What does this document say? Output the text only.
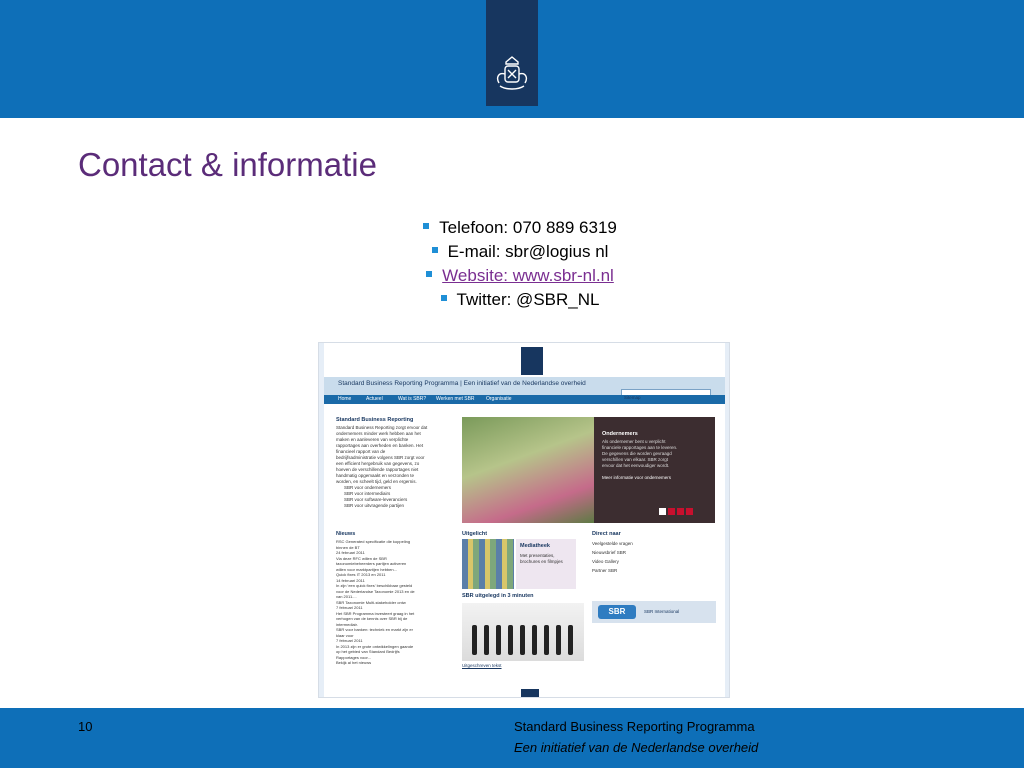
Contact & informatie
Telefoon: 070 889 6319
E-mail: sbr@logius nl
Website: www.sbr-nl.nl
Twitter: @SBR_NL
Standard Business Reporting Programma | Een initiatief van de Nederlandse overheid
Home	Actueel	Wat is SBR? Werken met SBR Organisatie	Sitemap
Standard Business Reporting
Standard Business Reporting zorgt ervoor dat
ondernemers minder werk hebben aan het
maken en aanleveren van verplichte
rapportages aan overheden en banken. Het
financieel rapport van de
bedrijfsadministratie volgens SBR zorgt voor
een efficient hergebruik van gegevens, zo
hoeven de verschillende rapportages niet
handmatig opgemaakt en verzonden te
worden, en scheelt tijd, geld en ergernis.
SBR voor ondernemers
SBR voor intermediairs
SBR voor software-leveranciers
SBR voor uitvragende partijen
Ondernemers
Als ondernemer bent u verplicht
financiele rapportages aan te leveren.
De gegevens die worden gevraagd
verschillen van elkaar. SBR zorgt
ervoor dat het eenvoudiger wordt.
Meer informatie voor ondernemers
Nieuws
RSC Generated specificatie die koppeling
binnen de BT
24 februari 2011
Via deze RFC willen de SBR
taxonomiebeheerders partijen activeren
willen voor marktpartijen hebben...
Quick fixes IT 2013 en 2011
14 februari 2011
In zijn 'een quick fixes' beschikbaar gesteld
voor de Nederlandse Taxonomie 2013 en de
van 2011....
SBR Taxonomie Multi-stakeholder ontw
7 februari 2011
Het SBR Programma investeert graag in het
verhogen van de kennis over SBR bij de
intermediair.
SBR voor banken: techniek en markt zijn er
klaar voor
7 februari 2011
In 2013 zijn er grote ontwikkelingen gaande
op het gebied van Standard Bedrijfs
Rapportages voor...
Bekijk al het nieuws
Uitgelicht
Mediatheek
Met presentaties,
brochures en filmpjes
SBR uitgelegd in 3 minuten
Uitgeschreven tekst
Direct naar
Veelgestelde vragen
Nieuwsbrief SBR
Video Gallery
Partner SBR
SBR	SBR International
10	Standard Business Reporting Programma
Een initiatief van de Nederlandse overheid
